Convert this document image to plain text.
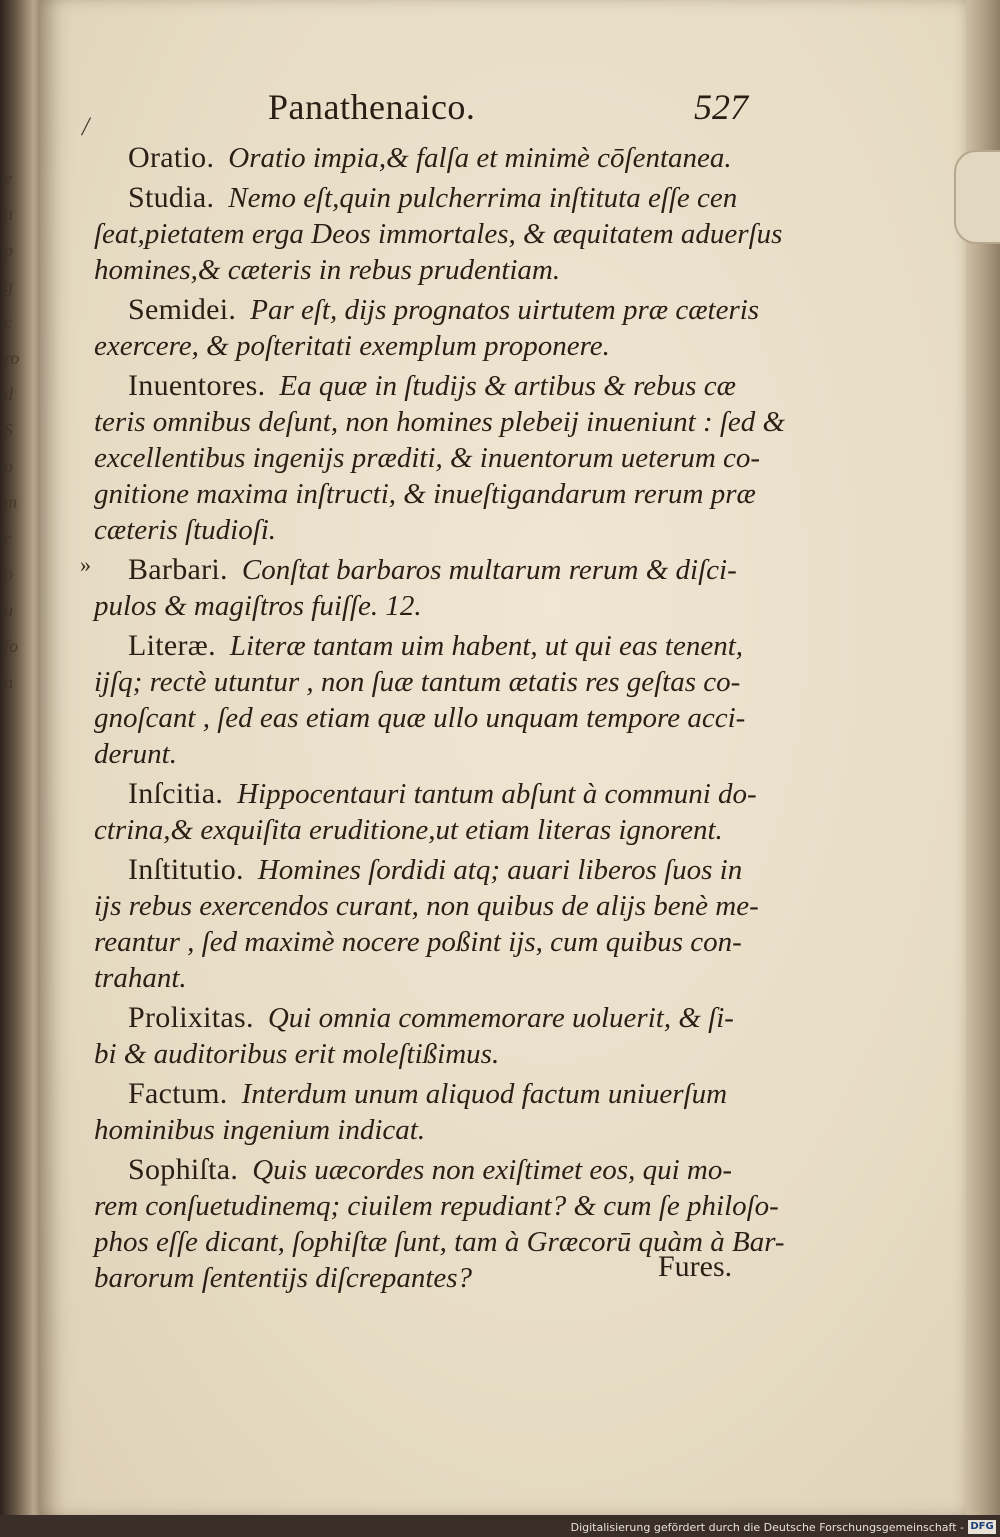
e
a
p
g
c
ro
d
S
o
m
r
o
u
fo
n
/	Panathenaico.	527
Oratio. Oratio impia,& falſa et minimè cōſentanea.
Studia. Nemo eſt,quin pulcherrima inſtituta eſſe cen
ſeat,pietatem erga Deos immortales, & æquitatem aduerſus
homines,& cæteris in rebus prudentiam.
Semidei. Par eſt, dijs prognatos uirtutem præ cæteris
exercere, & poſteritati exemplum proponere.
Inuentores. Ea quæ in ſtudijs & artibus & rebus cæ
teris omnibus deſunt, non homines plebeij inueniunt : ſed &
excellentibus ingenijs præditi, & inuentorum ueterum co-
gnitione maxima inſtructi, & inueſtigandarum rerum præ
cæteris ſtudioſi.
»	Barbari. Conſtat barbaros multarum rerum & diſci-
pulos & magiſtros fuiſſe. 12.
Literæ. Literæ tantam uim habent, ut qui eas tenent,
ijſq; rectè utuntur , non ſuæ tantum ætatis res geſtas co-
gnoſcant , ſed eas etiam quæ ullo unquam tempore acci-
derunt.
Inſcitia. Hippocentauri tantum abſunt à communi do-
ctrina,& exquiſita eruditione,ut etiam literas ignorent.
Inſtitutio. Homines ſordidi atq; auari liberos ſuos in
ijs rebus exercendos curant, non quibus de alijs benè me-
reantur , ſed maximè nocere poßint ijs, cum quibus con-
trahant.
Prolixitas. Qui omnia commemorare uoluerit, & ſi-
bi & auditoribus erit moleſtißimus.
Factum. Interdum unum aliquod factum uniuerſum
hominibus ingenium indicat.
Sophiſta. Quis uæcordes non exiſtimet eos, qui mo-
rem conſuetudinemq; ciuilem repudiant? & cum ſe philoſo-
phos eſſe dicant, ſophiſtæ ſunt, tam à Græcorū quàm à Bar-
barorum ſententijs diſcrepantes?	Fures.
Digitalisierung gefördert durch die Deutsche Forschungsgemeinschaft - DFG
